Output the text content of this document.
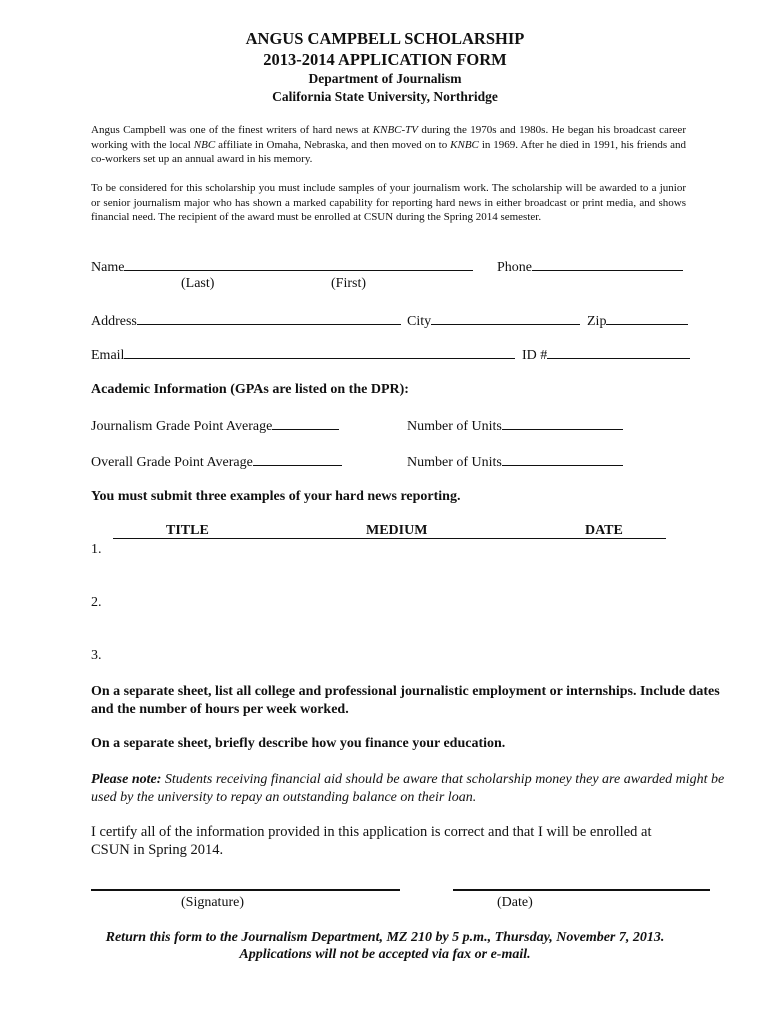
ANGUS CAMPBELL SCHOLARSHIP
2013-2014 APPLICATION FORM
Department of Journalism
California State University, Northridge
Angus Campbell was one of the finest writers of hard news at KNBC-TV during the 1970s and 1980s. He began his broadcast career working with the local NBC affiliate in Omaha, Nebraska, and then moved on to KNBC in 1969. After he died in 1991, his friends and co-workers set up an annual award in his memory.
To be considered for this scholarship you must include samples of your journalism work. The scholarship will be awarded to a junior or senior journalism major who has shown a marked capability for reporting hard news in either broadcast or print media, and shows financial need. The recipient of the award must be enrolled at CSUN during the Spring 2014 semester.
Name	Phone
(Last)	(First)
Address	City	Zip
Email	ID #
Academic Information (GPAs are listed on the DPR):
Journalism Grade Point Average	Number of Units
Overall Grade Point Average	Number of Units
You must submit three examples of your hard news reporting.
TITLE	MEDIUM	DATE
1.
2.
3.
On a separate sheet, list all college and professional journalistic employment or internships. Include dates and the number of hours per week worked.
On a separate sheet, briefly describe how you finance your education.
Please note: Students receiving financial aid should be aware that scholarship money they are awarded might be used by the university to repay an outstanding balance on their loan.
I certify all of the information provided in this application is correct and that I will be enrolled at CSUN in Spring 2014.
(Signature)	(Date)
Return this form to the Journalism Department, MZ 210 by 5 p.m., Thursday, November 7, 2013.
Applications will not be accepted via fax or e-mail.
